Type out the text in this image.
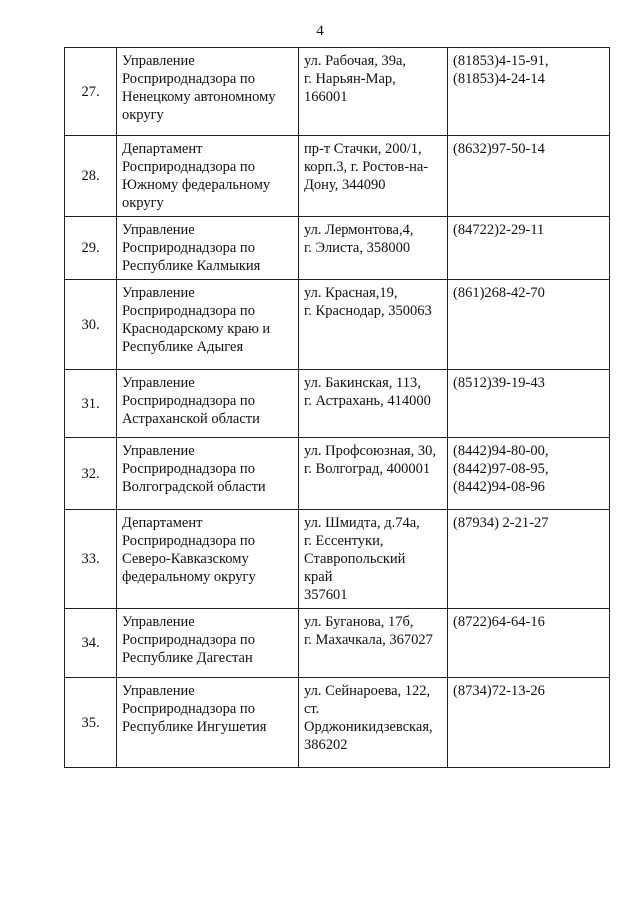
4
27.	Управление
Росприроднадзора по
Ненецкому автономному
округу	ул. Рабочая, 39а,
г. Нарьян-Мар,
166001	(81853)4-15-91,
(81853)4-24-14

28.	Департамент
Росприроднадзора по
Южному федеральному
округу	пр-т Стачки, 200/1,
корп.3, г. Ростов-на-
Дону, 344090	(8632)97-50-14

29.	Управление
Росприроднадзора по
Республике Калмыкия	ул. Лермонтова,4,
г. Элиста, 358000	(84722)2-29-11

30.	Управление
Росприроднадзора по
Краснодарскому краю и
Республике Адыгея	ул. Красная,19,
г. Краснодар, 350063	(861)268-42-70

31.	Управление
Росприроднадзора по
Астраханской области	ул. Бакинская, 113,
г. Астрахань, 414000	(8512)39-19-43

32.	Управление
Росприроднадзора по
Волгоградской области	ул. Профсоюзная, 30,
г. Волгоград, 400001	(8442)94-80-00,
(8442)97-08-95,
(8442)94-08-96

33.	Департамент
Росприроднадзора по
Северо-Кавказскому
федеральному округу	ул. Шмидта, д.74а,
г. Ессентуки,
Ставропольский
край
357601	(87934) 2-21-27

34.	Управление
Росприроднадзора по
Республике Дагестан	ул. Буганова, 17б,
г. Махачкала, 367027	(8722)64-64-16

35.	Управление
Росприроднадзора по
Республике Ингушетия	ул. Сейнароева, 122,
ст.
Орджоникидзевская,
386202	(8734)72-13-26
